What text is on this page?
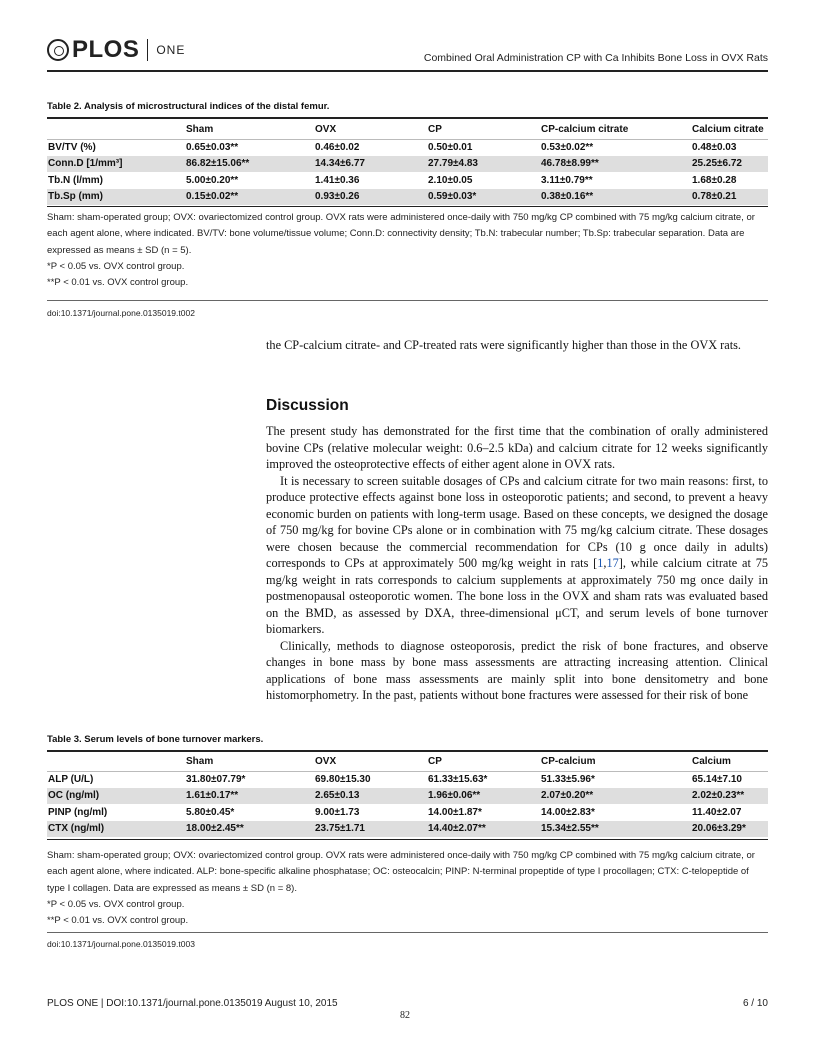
PLOS ONE
Combined Oral Administration CP with Ca Inhibits Bone Loss in OVX Rats
Table 2. Analysis of microstructural indices of the distal femur.
	Sham	OVX	CP	CP-calcium citrate	Calcium citrate
BV/TV (%)	0.65±0.03**	0.46±0.02	0.50±0.01	0.53±0.02**	0.48±0.03
Conn.D [1/mm³]	86.82±15.06**	14.34±6.77	27.79±4.83	46.78±8.99**	25.25±6.72
Tb.N (l/mm)	5.00±0.20**	1.41±0.36	2.10±0.05	3.11±0.79**	1.68±0.28
Tb.Sp (mm)	0.15±0.02**	0.93±0.26	0.59±0.03*	0.38±0.16**	0.78±0.21
Sham: sham-operated group; OVX: ovariectomized control group. OVX rats were administered once-daily with 750 mg/kg CP combined with 75 mg/kg calcium citrate, or each agent alone, where indicated. BV/TV: bone volume/tissue volume; Conn.D: connectivity density; Tb.N: trabecular number; Tb.Sp: trabecular separation. Data are expressed as means ± SD (n = 5).
*P < 0.05 vs. OVX control group.
**P < 0.01 vs. OVX control group.
doi:10.1371/journal.pone.0135019.t002
the CP-calcium citrate- and CP-treated rats were significantly higher than those in the OVX rats.
Discussion

The present study has demonstrated for the first time that the combination of orally administered bovine CPs (relative molecular weight: 0.6–2.5 kDa) and calcium citrate for 12 weeks significantly improved the osteoprotective effects of either agent alone in OVX rats.

It is necessary to screen suitable dosages of CPs and calcium citrate for two main reasons: first, to produce protective effects against bone loss in osteoporotic patients; and second, to prevent a heavy economic burden on patients with long-term usage. Based on these concepts, we designed the dosage of 750 mg/kg for bovine CPs alone or in combination with 75 mg/kg calcium citrate. These dosages were chosen because the commercial recommendation for CPs (10 g once daily in adults) corresponds to CPs at approximately 500 mg/kg weight in rats [1,17], while calcium citrate at 75 mg/kg weight in rats corresponds to calcium supplements at approximately 750 mg once daily in postmenopausal osteoporotic women. The bone loss in the OVX and sham rats was evaluated based on the BMD, as assessed by DXA, three-dimensional μCT, and serum levels of bone turnover biomarkers.

Clinically, methods to diagnose osteoporosis, predict the risk of bone fractures, and observe changes in bone mass by bone mass assessments are attracting increasing attention. Clinical applications of bone mass assessments are mainly split into bone densitometry and bone histomorphometry. In the past, patients without bone fractures were assessed for their risk of bone

Table 3. Serum levels of bone turnover markers.
	Sham	OVX	CP	CP-calcium	Calcium
ALP (U/L)	31.80±07.79*	69.80±15.30	61.33±15.63*	51.33±5.96*	65.14±7.10
OC (ng/ml)	1.61±0.17**	2.65±0.13	1.96±0.06**	2.07±0.20**	2.02±0.23**
PINP (ng/ml)	5.80±0.45*	9.00±1.73	14.00±1.87*	14.00±2.83*	11.40±2.07
CTX (ng/ml)	18.00±2.45**	23.75±1.71	14.40±2.07**	15.34±2.55**	20.06±3.29*
Sham: sham-operated group; OVX: ovariectomized control group. OVX rats were administered once-daily with 750 mg/kg CP combined with 75 mg/kg calcium citrate, or each agent alone, where indicated. ALP: bone-specific alkaline phosphatase; OC: osteocalcin; PINP: N-terminal propeptide of type I procollagen; CTX: C-telopeptide of type I collagen. Data are expressed as means ± SD (n = 8).
*P < 0.05 vs. OVX control group.
**P < 0.01 vs. OVX control group.
doi:10.1371/journal.pone.0135019.t003
PLOS ONE | DOI:10.1371/journal.pone.0135019 August 10, 2015	6 / 10
82
